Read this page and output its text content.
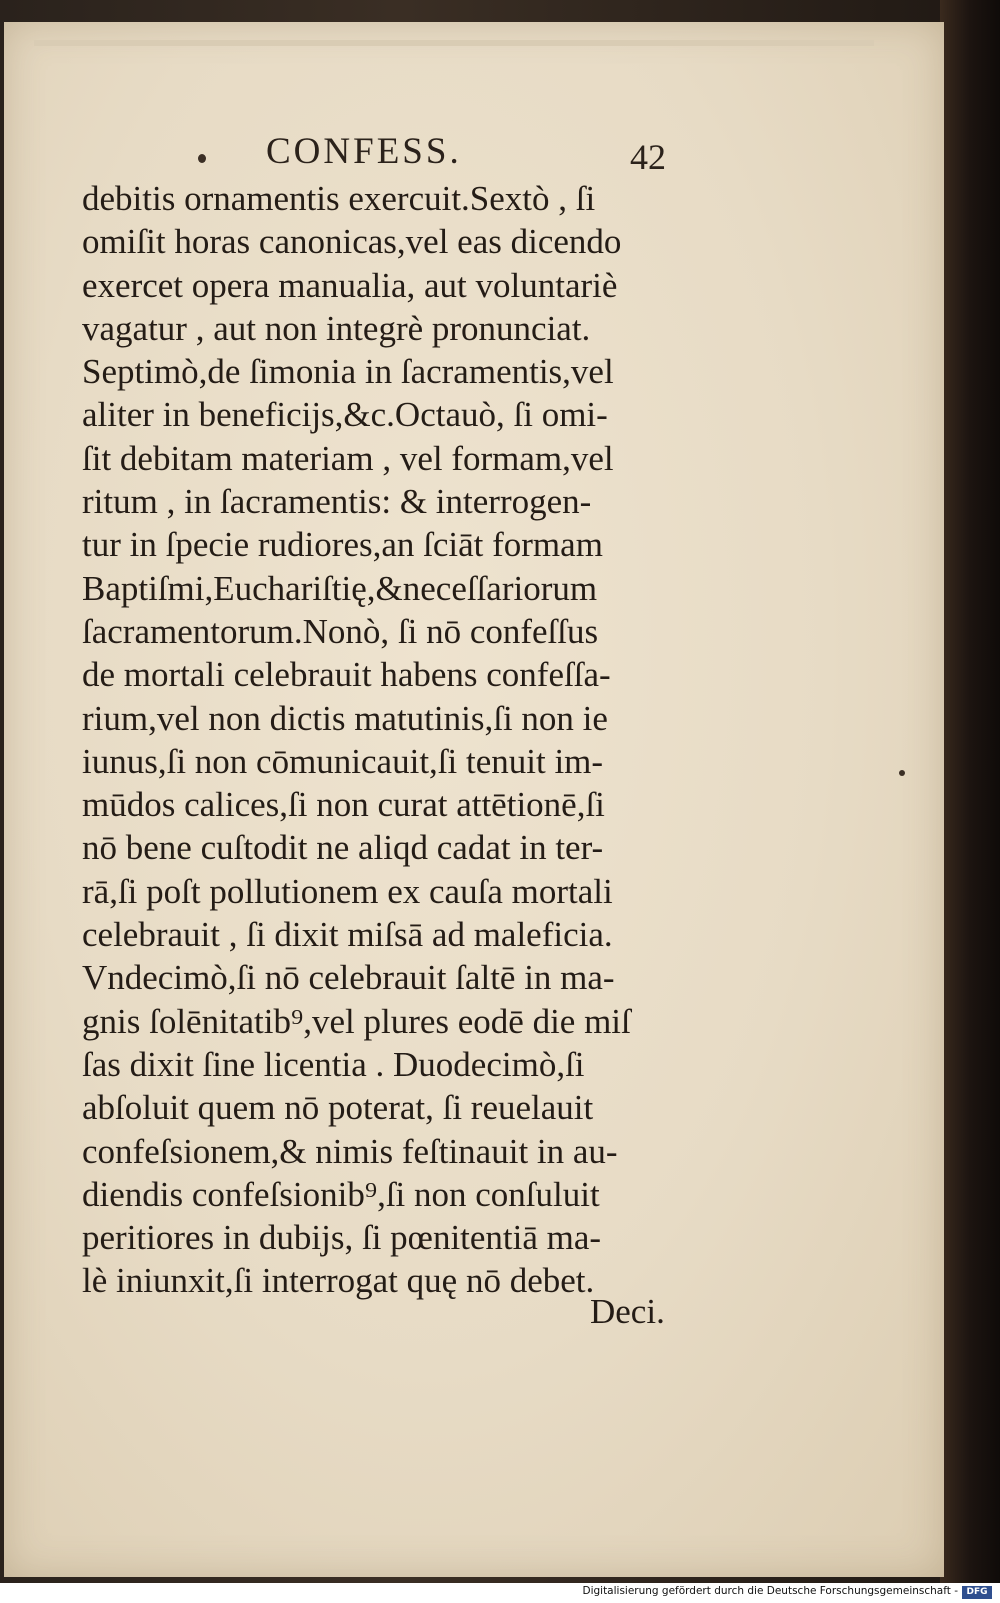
CONFESS.	42
debitis ornamentis exercuit.Sextò , ſi
omiſit horas canonicas,vel eas dicendo
exercet opera manualia, aut voluntariè
vagatur , aut non integrè pronunciat.
Septimò,de ſimonia in ſacramentis,vel
aliter in beneficijs,&c.Octauò, ſi omi-
ſit debitam materiam , vel formam,vel
ritum , in ſacramentis: & interrogen-
tur in ſpecie rudiores,an ſciāt formam
Baptiſmi,Euchariſtię,&neceſſariorum
ſacramentorum.Nonò, ſi nō confeſſus
de mortali celebrauit habens confeſſa-
rium,vel non dictis matutinis,ſi non ie
iunus,ſi non cōmunicauit,ſi tenuit im-
mūdos calices,ſi non curat attētionē,ſi
nō bene cuſtodit ne aliqd cadat in ter-
rā,ſi poſt pollutionem ex cauſa mortali
celebrauit , ſi dixit miſsā ad maleficia.
Vndecimò,ſi nō celebrauit ſaltē in ma-
gnis ſolēnitatib⁹,vel plures eodē die miſ
ſas dixit ſine licentia . Duodecimò,ſi
abſoluit quem nō poterat, ſi reuelauit
confeſsionem,& nimis feſtinauit in au-
diendis confeſsionib⁹,ſi non conſuluit
peritiores in dubijs, ſi pœnitentiā ma-
lè iniunxit,ſi interrogat quę nō debet.
Deci.
Digitalisierung gefördert durch die Deutsche Forschungsgemeinschaft - DFG
